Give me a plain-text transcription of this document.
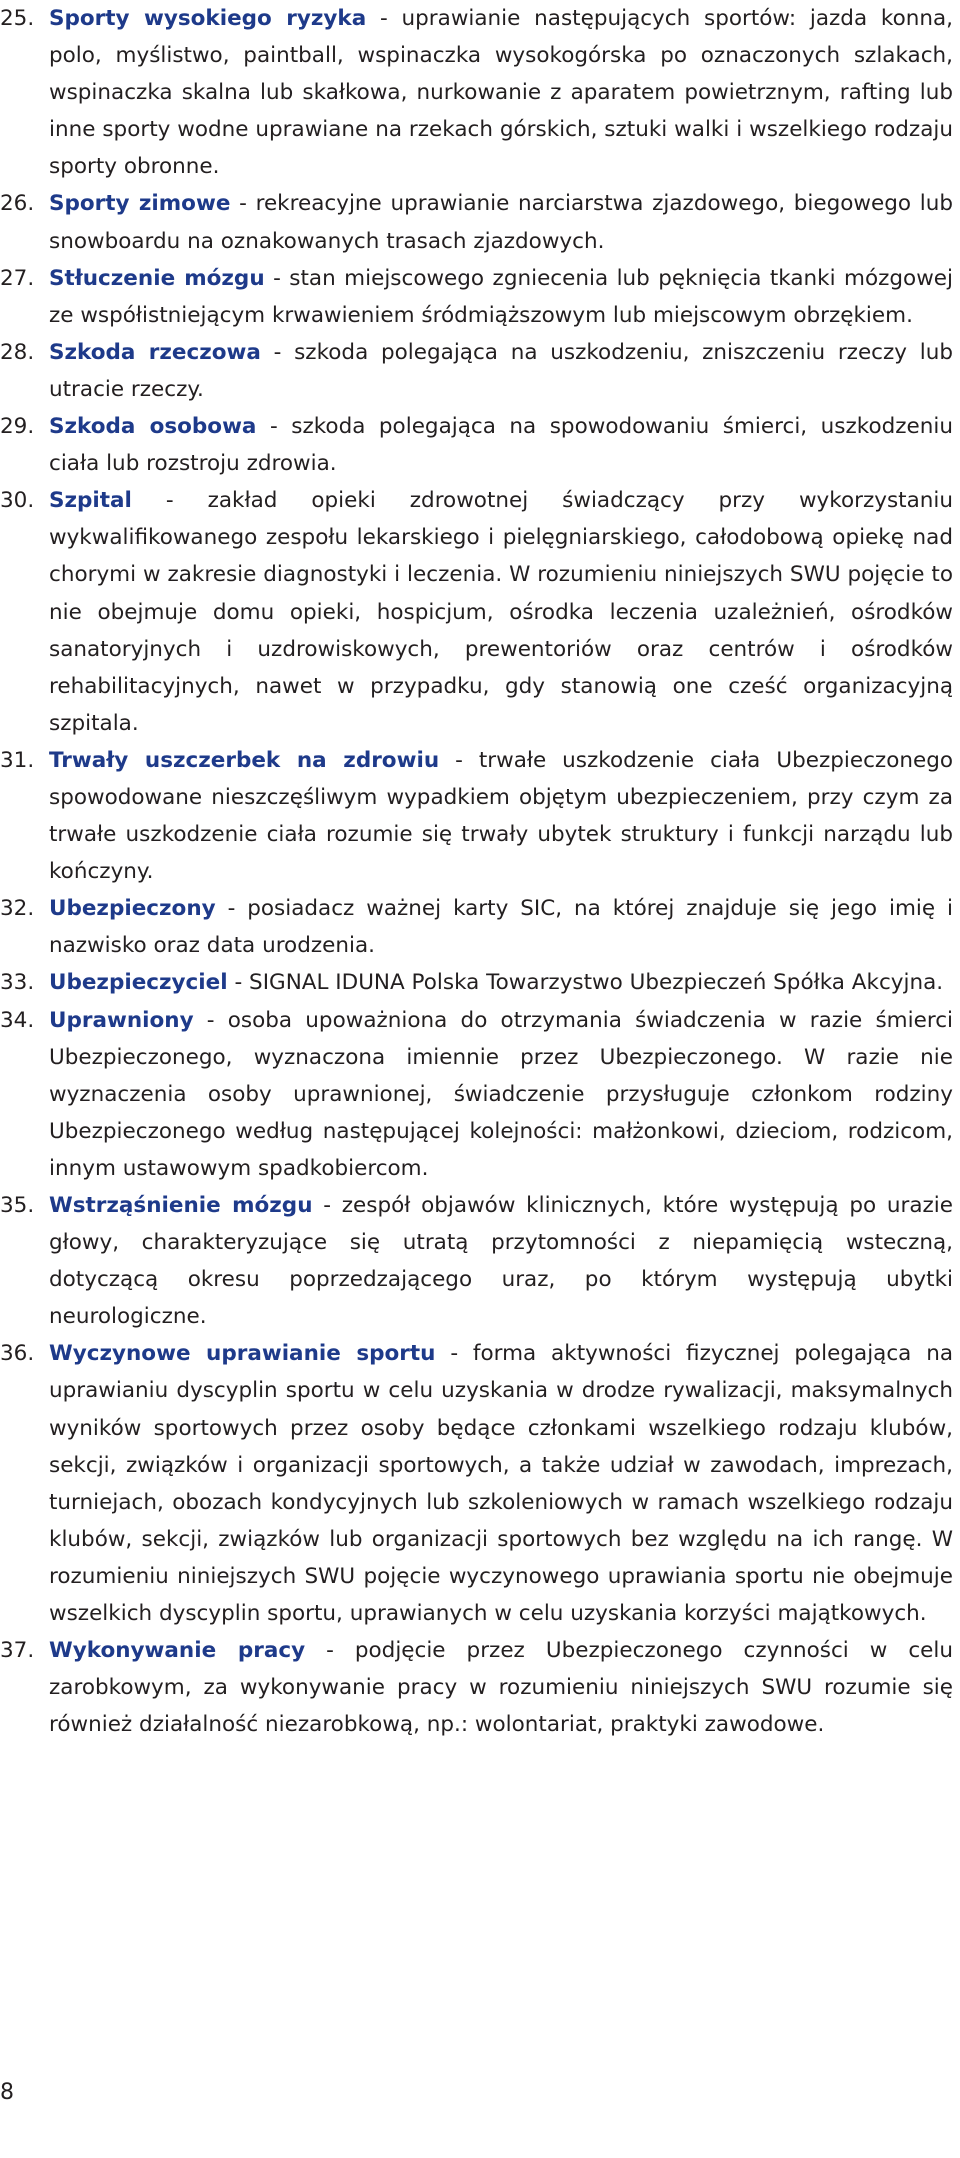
25. Sporty wysokiego ryzyka - uprawianie następujących sportów: jazda konna, polo, myślistwo, paintball, wspinaczka wysokogórska po oznaczonych szlakach, wspinaczka skalna lub skałkowa, nurkowanie z aparatem powietrznym, rafting lub inne sporty wodne uprawiane na rzekach górskich, sztuki walki i wszelkiego rodzaju sporty obronne.
26. Sporty zimowe - rekreacyjne uprawianie narciarstwa zjazdowego, biegowego lub snowboardu na oznakowanych trasach zjazdowych.
27. Stłuczenie mózgu - stan miejscowego zgniecenia lub pęknięcia tkanki mózgowej ze współistniejącym krwawieniem śródmiąższowym lub miejscowym obrzękiem.
28. Szkoda rzeczowa - szkoda polegająca na uszkodzeniu, zniszczeniu rzeczy lub utracie rzeczy.
29. Szkoda osobowa - szkoda polegająca na spowodowaniu śmierci, uszkodzeniu ciała lub rozstroju zdrowia.
30. Szpital - zakład opieki zdrowotnej świadczący przy wykorzystaniu wykwalifikowanego zespołu lekarskiego i pielęgniarskiego, całodobową opiekę nad chorymi w zakresie diagnostyki i leczenia. W rozumieniu niniejszych SWU pojęcie to nie obejmuje domu opieki, hospicjum, ośrodka leczenia uzależnień, ośrodków sanatoryjnych i uzdrowiskowych, prewentoriów oraz centrów i ośrodków rehabilitacyjnych, nawet w przypadku, gdy stanowią one cześć organizacyjną szpitala.
31. Trwały uszczerbek na zdrowiu - trwałe uszkodzenie ciała Ubezpieczonego spowodowane nieszczęśliwym wypadkiem objętym ubezpieczeniem, przy czym za trwałe uszkodzenie ciała rozumie się trwały ubytek struktury i funkcji narządu lub kończyny.
32. Ubezpieczony - posiadacz ważnej karty SIC, na której znajduje się jego imię i nazwisko oraz data urodzenia.
33. Ubezpieczyciel - SIGNAL IDUNA Polska Towarzystwo Ubezpieczeń Spółka Akcyjna.
34. Uprawniony - osoba upoważniona do otrzymania świadczenia w razie śmierci Ubezpieczonego, wyznaczona imiennie przez Ubezpieczonego. W razie nie wyznaczenia osoby uprawnionej, świadczenie przysługuje członkom rodziny Ubezpieczonego według następującej kolejności: małżonkowi, dzieciom, rodzicom, innym ustawowym spadkobiercom.
35. Wstrząśnienie mózgu - zespół objawów klinicznych, które występują po urazie głowy, charakteryzujące się utratą przytomności z niepamięcią wsteczną, dotyczącą okresu poprzedzającego uraz, po którym występują ubytki neurologiczne.
36. Wyczynowe uprawianie sportu - forma aktywności fizycznej polegająca na uprawianiu dyscyplin sportu w celu uzyskania w drodze rywalizacji, maksymalnych wyników sportowych przez osoby będące członkami wszelkiego rodzaju klubów, sekcji, związków i organizacji sportowych, a także udział w zawodach, imprezach, turniejach, obozach kondycyjnych lub szkoleniowych w ramach wszelkiego rodzaju klubów, sekcji, związków lub organizacji sportowych bez względu na ich rangę. W rozumieniu niniejszych SWU pojęcie wyczynowego uprawiania sportu nie obejmuje wszelkich dyscyplin sportu, uprawianych w celu uzyskania korzyści majątkowych.
37. Wykonywanie pracy - podjęcie przez Ubezpieczonego czynności w celu zarobkowym, za wykonywanie pracy w rozumieniu niniejszych SWU rozumie się również działalność niezarobkową, np.: wolontariat, praktyki zawodowe.
8
